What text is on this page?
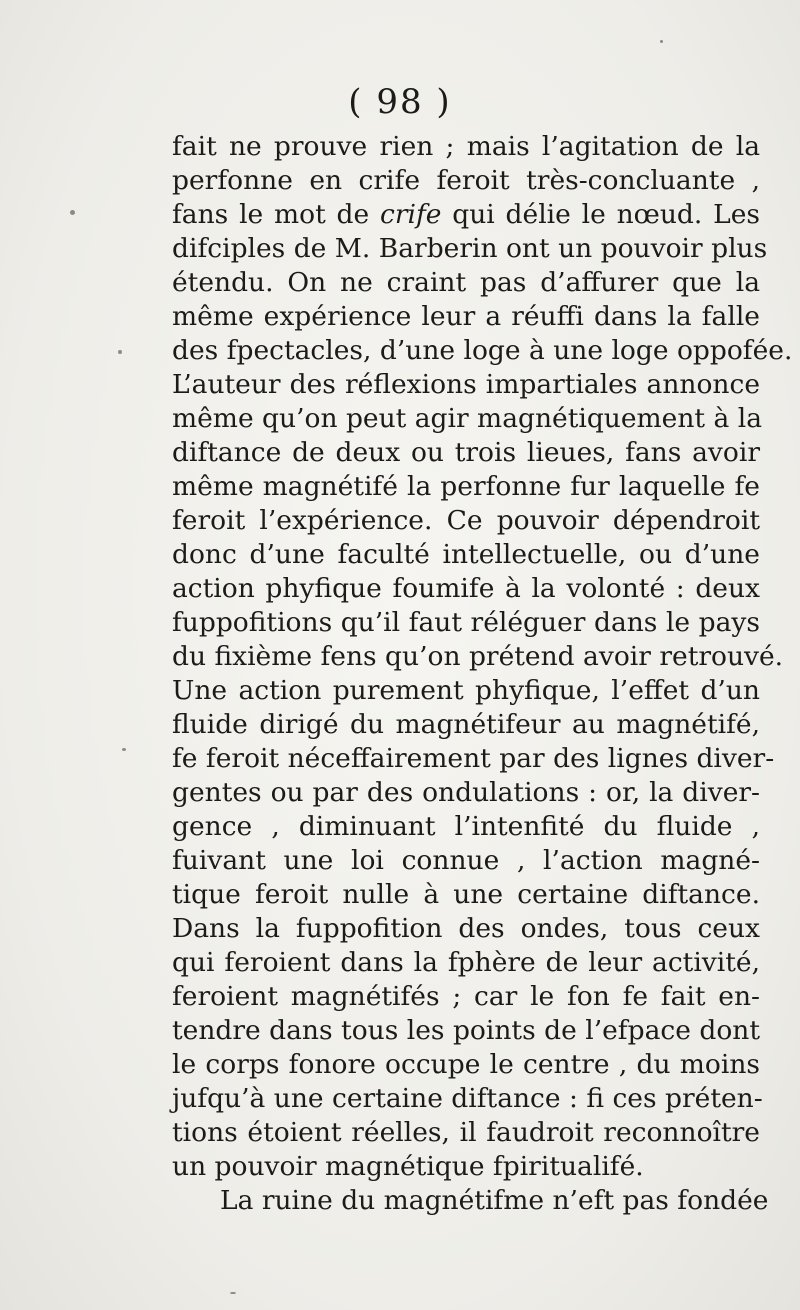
( 98 )
fait ne prouve rien ; mais l’agitation de la
perfonne en crife feroit très-concluante ,
fans le mot de crife qui délie le nœud. Les
difciples de M. Barberin ont un pouvoir plus
étendu. On ne craint pas d’affurer que la
même expérience leur a réuffi dans la falle
des fpectacles, d’une loge à une loge oppofée.
L’auteur des réflexions impartiales annonce
même qu’on peut agir magnétiquement à la
diftance de deux ou trois lieues, fans avoir
même magnétifé la perfonne fur laquelle fe
feroit l’expérience. Ce pouvoir dépendroit
donc d’une faculté intellectuelle, ou d’une
action phyfique foumife à la volonté : deux
fuppofitions qu’il faut réléguer dans le pays
du fixième fens qu’on prétend avoir retrouvé.
Une action purement phyfique, l’effet d’un
fluide dirigé du magnétifeur au magnétifé,
fe feroit néceffairement par des lignes diver-
gentes ou par des ondulations : or, la diver-
gence , diminuant l’intenfité du fluide ,
fuivant une loi connue , l’action magné-
tique feroit nulle à une certaine diftance.
Dans la fuppofition des ondes, tous ceux
qui feroient dans la fphère de leur activité,
feroient magnétifés ; car le fon fe fait en-
tendre dans tous les points de l’efpace dont
le corps fonore occupe le centre , du moins
jufqu’à une certaine diftance : fi ces préten-
tions étoient réelles, il faudroit reconnoître
un pouvoir magnétique fpiritualifé.
La ruine du magnétifme n’eft pas fondée
